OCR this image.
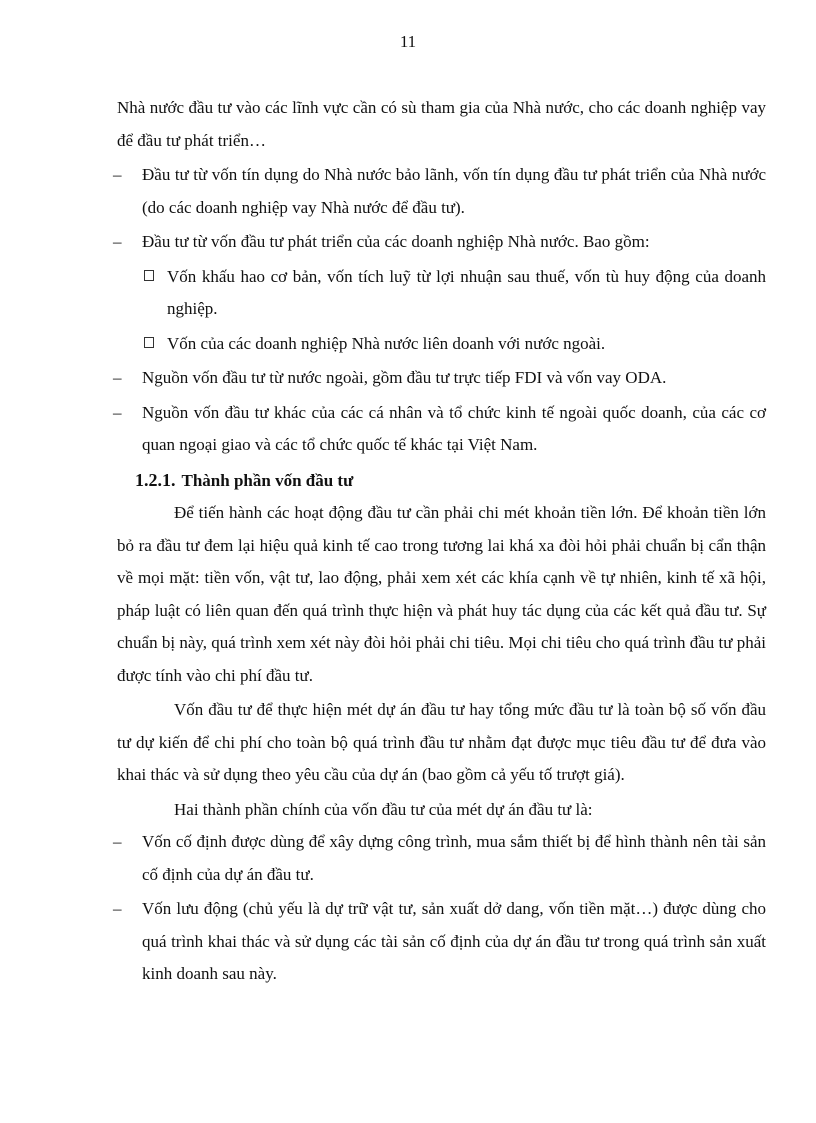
11

Nhà nước đầu tư vào các lĩnh vực cần có sù tham gia của Nhà nước, cho các doanh nghiệp vay để đầu tư phát triển…

– Đầu tư từ vốn tín dụng do Nhà nước bảo lãnh, vốn tín dụng đầu tư phát triển của Nhà nước (do các doanh nghiệp vay Nhà nước để đầu tư).
– Đầu tư từ vốn đầu tư phát triển của các doanh nghiệp Nhà nước. Bao gồm:
Vốn khấu hao cơ bản, vốn tích luỹ từ lợi nhuận sau thuế, vốn tù huy động của doanh nghiệp.
Vốn của các doanh nghiệp Nhà nước liên doanh với nước ngoài.
– Nguồn vốn đầu tư từ nước ngoài, gồm đầu tư trực tiếp FDI và vốn vay ODA.
– Nguồn vốn đầu tư khác của các cá nhân và tổ chức kinh tế ngoài quốc doanh, của các cơ quan ngoại giao và các tổ chức quốc tế khác tại Việt Nam.
1.2.1. Thành phần vốn đầu tư

Để tiến hành các hoạt động đầu tư cần phải chi mét khoản tiền lớn. Để khoản tiền lớn bỏ ra đầu tư đem lại hiệu quả kinh tế cao trong tương lai khá xa đòi hỏi phải chuẩn bị cẩn thận về mọi mặt: tiền vốn, vật tư, lao động, phải xem xét các khía cạnh về tự nhiên, kinh tế xã hội, pháp luật có liên quan đến quá trình thực hiện và phát huy tác dụng của các kết quả đầu tư. Sự chuẩn bị này, quá trình xem xét này đòi hỏi phải chi tiêu. Mọi chi tiêu cho quá trình đầu tư phải được tính vào chi phí đầu tư.

Vốn đầu tư để thực hiện mét dự án đầu tư hay tổng mức đầu tư là toàn bộ số vốn đầu tư dự kiến để chi phí cho toàn bộ quá trình đầu tư nhằm đạt được mục tiêu đầu tư để đưa vào khai thác và sử dụng theo yêu cầu của dự án (bao gồm cả yếu tố trượt giá).

Hai thành phần chính của vốn đầu tư của mét dự án đầu tư là:

– Vốn cố định được dùng để xây dựng công trình, mua sắm thiết bị để hình thành nên tài sản cố định của dự án đầu tư.
– Vốn lưu động (chủ yếu là dự trữ vật tư, sản xuất dở dang, vốn tiền mặt…) được dùng cho quá trình khai thác và sử dụng các tài sản cố định của dự án đầu tư trong quá trình sản xuất kinh doanh sau này.
